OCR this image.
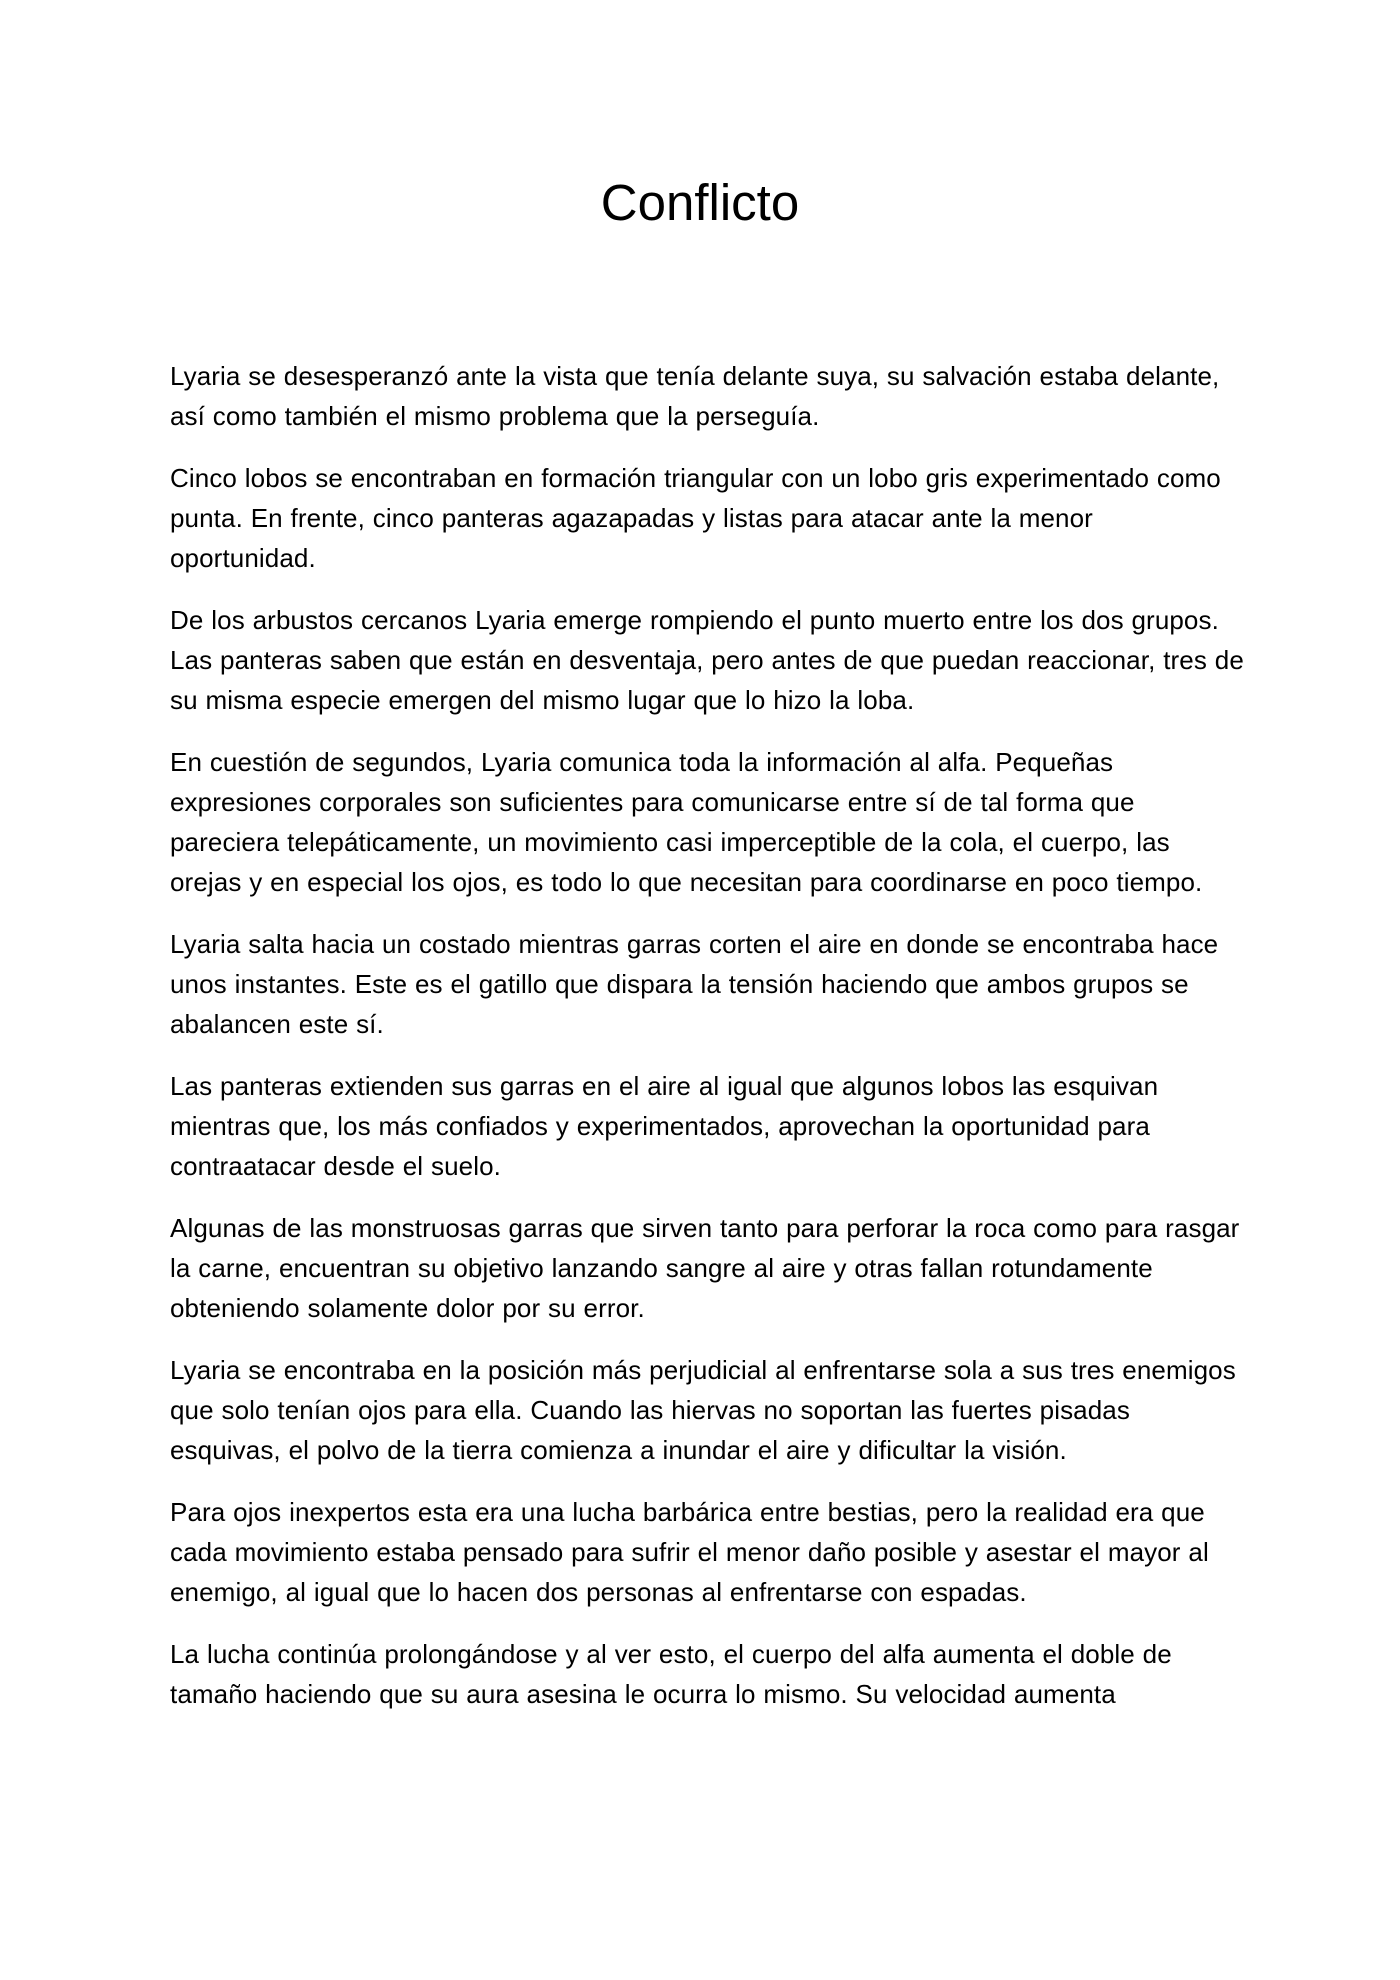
Conflicto

Lyaria se desesperanzó ante la vista que tenía delante suya, su salvación estaba delante, así como también el mismo problema que la perseguía.

Cinco lobos se encontraban en formación triangular con un lobo gris experimentado como punta. En frente, cinco panteras agazapadas y listas para atacar ante la menor oportunidad.

De los arbustos cercanos Lyaria emerge rompiendo el punto muerto entre los dos grupos. Las panteras saben que están en desventaja, pero antes de que puedan reaccionar, tres de su misma especie emergen del mismo lugar que lo hizo la loba.

En cuestión de segundos, Lyaria comunica toda la información al alfa. Pequeñas expresiones corporales son suficientes para comunicarse entre sí de tal forma que pareciera telepáticamente, un movimiento casi imperceptible de la cola, el cuerpo, las orejas y en especial los ojos, es todo lo que necesitan para coordinarse en poco tiempo.

Lyaria salta hacia un costado mientras garras corten el aire en donde se encontraba hace unos instantes. Este es el gatillo que dispara la tensión haciendo que ambos grupos se abalancen este sí.

Las panteras extienden sus garras en el aire al igual que algunos lobos las esquivan mientras que, los más confiados y experimentados, aprovechan la oportunidad para contraatacar desde el suelo.

Algunas de las monstruosas garras que sirven tanto para perforar la roca como para rasgar la carne, encuentran su objetivo lanzando sangre al aire y otras fallan rotundamente obteniendo solamente dolor por su error.

Lyaria se encontraba en la posición más perjudicial al enfrentarse sola a sus tres enemigos que solo tenían ojos para ella. Cuando las hiervas no soportan las fuertes pisadas esquivas, el polvo de la tierra comienza a inundar el aire y dificultar la visión.

Para ojos inexpertos esta era una lucha barbárica entre bestias, pero la realidad era que cada movimiento estaba pensado para sufrir el menor daño posible y asestar el mayor al enemigo, al igual que lo hacen dos personas al enfrentarse con espadas.

La lucha continúa prolongándose y al ver esto, el cuerpo del alfa aumenta el doble de tamaño haciendo que su aura asesina le ocurra lo mismo. Su velocidad aumenta
